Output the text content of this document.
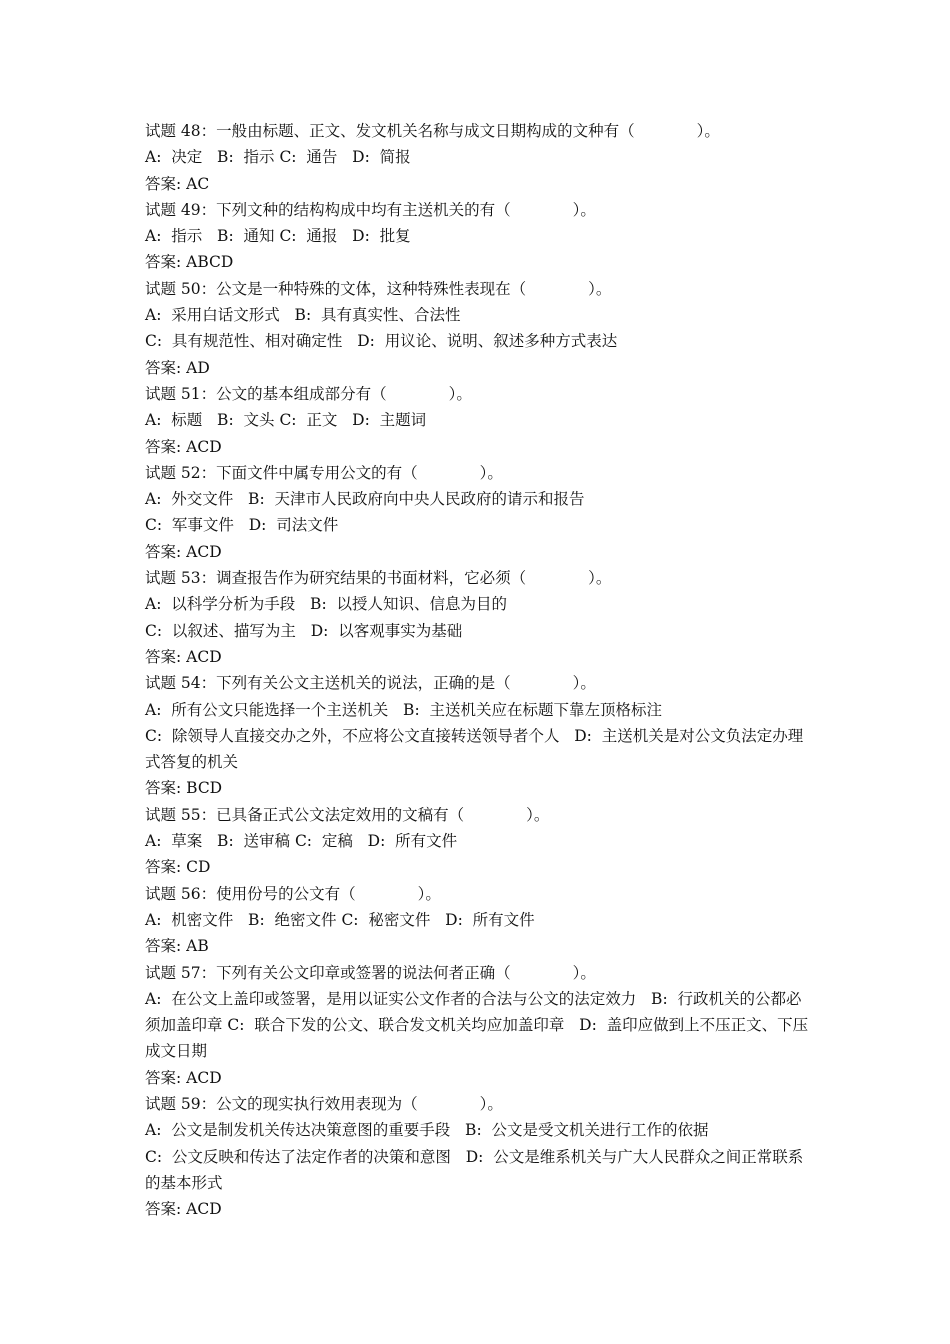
试题 48：一般由标题、正文、发文机关名称与成文日期构成的文种有（　　　　）。

A:  决定   B:  指示 C:  通告   D:  简报

答案: AC

试题 49：下列文种的结构构成中均有主送机关的有（　　　　）。

A:  指示   B:  通知 C:  通报   D:  批复

答案: ABCD

试题 50：公文是一种特殊的文体，这种特殊性表现在（　　　　）。

A:  采用白话文形式   B:  具有真实性、合法性

C:  具有规范性、相对确定性   D:  用议论、说明、叙述多种方式表达

答案: AD

试题 51：公文的基本组成部分有（　　　　）。

A:  标题   B:  文头 C:  正文   D:  主题词

答案: ACD

试题 52：下面文件中属专用公文的有（　　　　）。

A:  外交文件   B:  天津市人民政府向中央人民政府的请示和报告

C:  军事文件   D:  司法文件

答案: ACD

试题 53：调查报告作为研究结果的书面材料，它必须（　　　　）。

A:  以科学分析为手段   B:  以授人知识、信息为目的

C:  以叙述、描写为主   D:  以客观事实为基础

答案: ACD

试题 54：下列有关公文主送机关的说法，正确的是（　　　　）。

A:  所有公文只能选择一个主送机关   B:  主送机关应在标题下靠左顶格标注

C:  除领导人直接交办之外，不应将公文直接转送领导者个人   D:  主送机关是对公文负法定办理式答复的机关

答案: BCD

试题 55：已具备正式公文法定效用的文稿有（　　　　）。

A:  草案   B:  送审稿 C:  定稿   D:  所有文件

答案: CD

试题 56：使用份号的公文有（　　　　）。

A:  机密文件   B:  绝密文件 C:  秘密文件   D:  所有文件

答案: AB

试题 57：下列有关公文印章或签署的说法何者正确（　　　　）。

A:  在公文上盖印或签署，是用以证实公文作者的合法与公文的法定效力   B:  行政机关的公都必须加盖印章 C:  联合下发的公文、联合发文机关均应加盖印章   D:  盖印应做到上不压正文、下压成文日期

答案: ACD

试题 59：公文的现实执行效用表现为（　　　　）。

A:  公文是制发机关传达决策意图的重要手段   B:  公文是受文机关进行工作的依据

C:  公文反映和传达了法定作者的决策和意图   D:  公文是维系机关与广大人民群众之间正常联系的基本形式

答案: ACD
